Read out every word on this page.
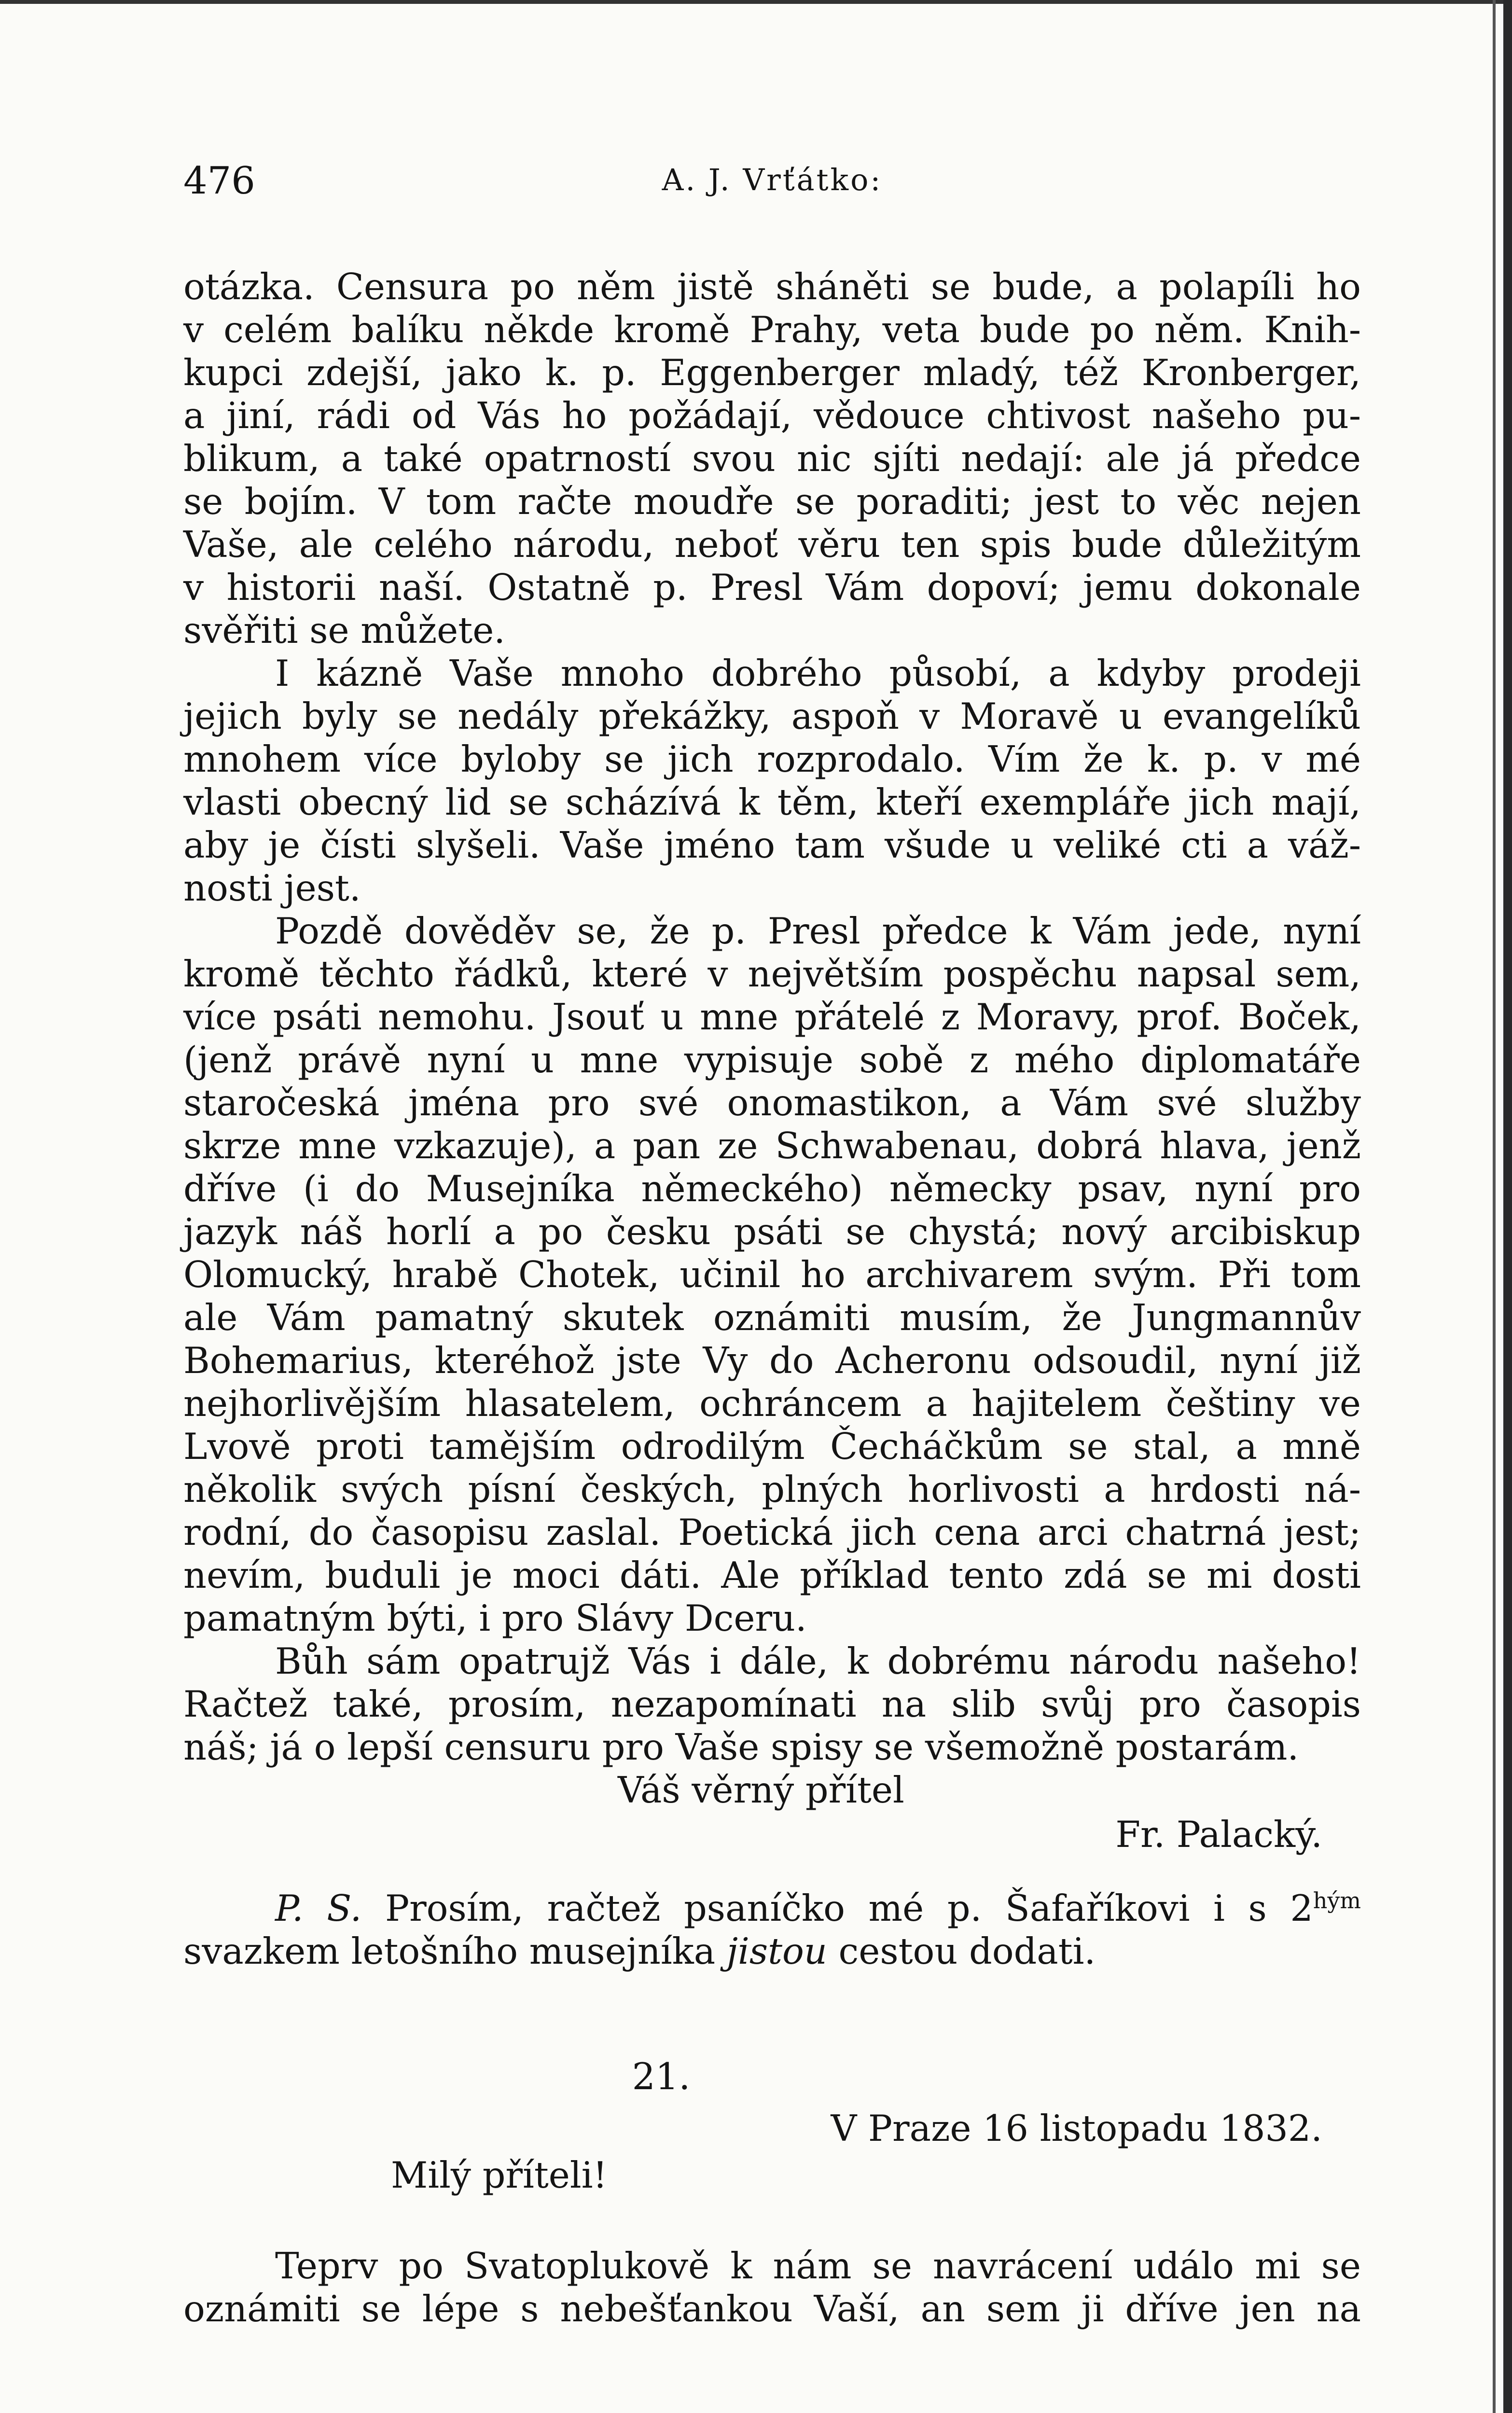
476	A. J. Vrťátko:

otázka. Censura po něm jistě sháněti se bude, a polapíli ho
v celém balíku někde kromě Prahy, veta bude po něm. Knih-
kupci zdejší, jako k. p. Eggenberger mladý, též Kronberger,
a jiní, rádi od Vás ho požádají, vědouce chtivost našeho pu-
blikum, a také opatrností svou nic sjíti nedají: ale já předce
se bojím. V tom račte moudře se poraditi; jest to věc nejen
Vaše, ale celého národu, neboť věru ten spis bude důležitým
v historii naší. Ostatně p. Presl Vám dopoví; jemu dokonale
svěřiti se můžete.

I kázně Vaše mnoho dobrého působí, a kdyby prodeji
jejich byly se nedály překážky, aspoň v Moravě u evangelíků
mnohem více byloby se jich rozprodalo. Vím že k. p. v mé
vlasti obecný lid se scházívá k těm, kteří exempláře jich mají,
aby je čísti slyšeli. Vaše jméno tam všude u veliké cti a váž-
nosti jest.

Pozdě dověděv se, že p. Presl předce k Vám jede, nyní
kromě těchto řádků, které v největším pospěchu napsal sem,
více psáti nemohu. Jsouť u mne přátelé z Moravy, prof. Boček,
(jenž právě nyní u mne vypisuje sobě z mého diplomatáře
staročeská jména pro své onomastikon, a Vám své služby
skrze mne vzkazuje), a pan ze Schwabenau, dobrá hlava, jenž
dříve (i do Musejníka německého) německy psav, nyní pro
jazyk náš horlí a po česku psáti se chystá; nový arcibiskup
Olomucký, hrabě Chotek, učinil ho archivarem svým. Při tom
ale Vám pamatný skutek oznámiti musím, že Jungmannův
Bohemarius, kteréhož jste Vy do Acheronu odsoudil, nyní již
nejhorlivějším hlasatelem, ochráncem a hajitelem češtiny ve
Lvově proti tamějším odrodilým Čecháčkům se stal, a mně
několik svých písní českých, plných horlivosti a hrdosti ná-
rodní, do časopisu zaslal. Poetická jich cena arci chatrná jest;
nevím, buduli je moci dáti. Ale příklad tento zdá se mi dosti
pamatným býti, i pro Slávy Dceru.

Bůh sám opatrujž Vás i dále, k dobrému národu našeho!
Račtež také, prosím, nezapomínati na slib svůj pro časopis
náš; já o lepší censuru pro Vaše spisy se všemožně postarám.

Váš věrný přítel

Fr. Palacký.

P. S. Prosím, račtež psaníčko mé p. Šafaříkovi i s $2^{hým}$
svazkem letošního musejníka jistou cestou dodati.
21.
V Praze 16 listopadu 1832.
Milý příteli!
Teprv po Svatoplukově k nám se navrácení událo mi se
oznámiti se lépe s nebešťankou Vaší, an sem ji dříve jen na
